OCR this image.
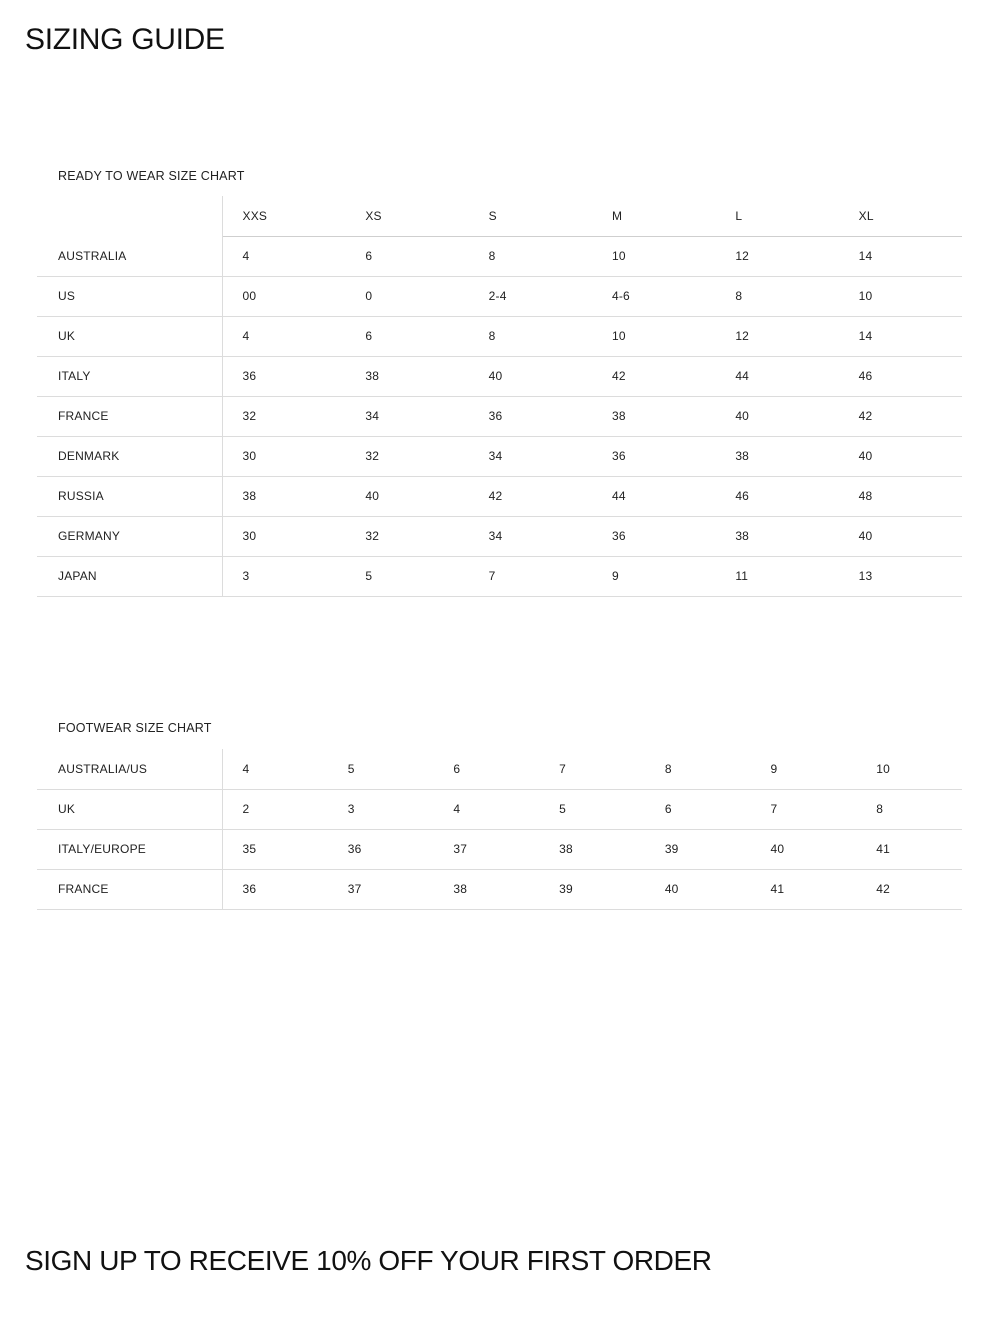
SIZING GUIDE
READY TO WEAR SIZE CHART
	XXS	XS	S	M	L	XL
AUSTRALIA	4	6	8	10	12	14
US	00	0	2-4	4-6	8	10
UK	4	6	8	10	12	14
ITALY	36	38	40	42	44	46
FRANCE	32	34	36	38	40	42
DENMARK	30	32	34	36	38	40
RUSSIA	38	40	42	44	46	48
GERMANY	30	32	34	36	38	40
JAPAN	3	5	7	9	11	13
FOOTWEAR SIZE CHART
AUSTRALIA/US	4	5	6	7	8	9	10
UK	2	3	4	5	6	7	8
ITALY/EUROPE	35	36	37	38	39	40	41
FRANCE	36	37	38	39	40	41	42

SIGN UP TO RECEIVE 10% OFF YOUR FIRST ORDER
